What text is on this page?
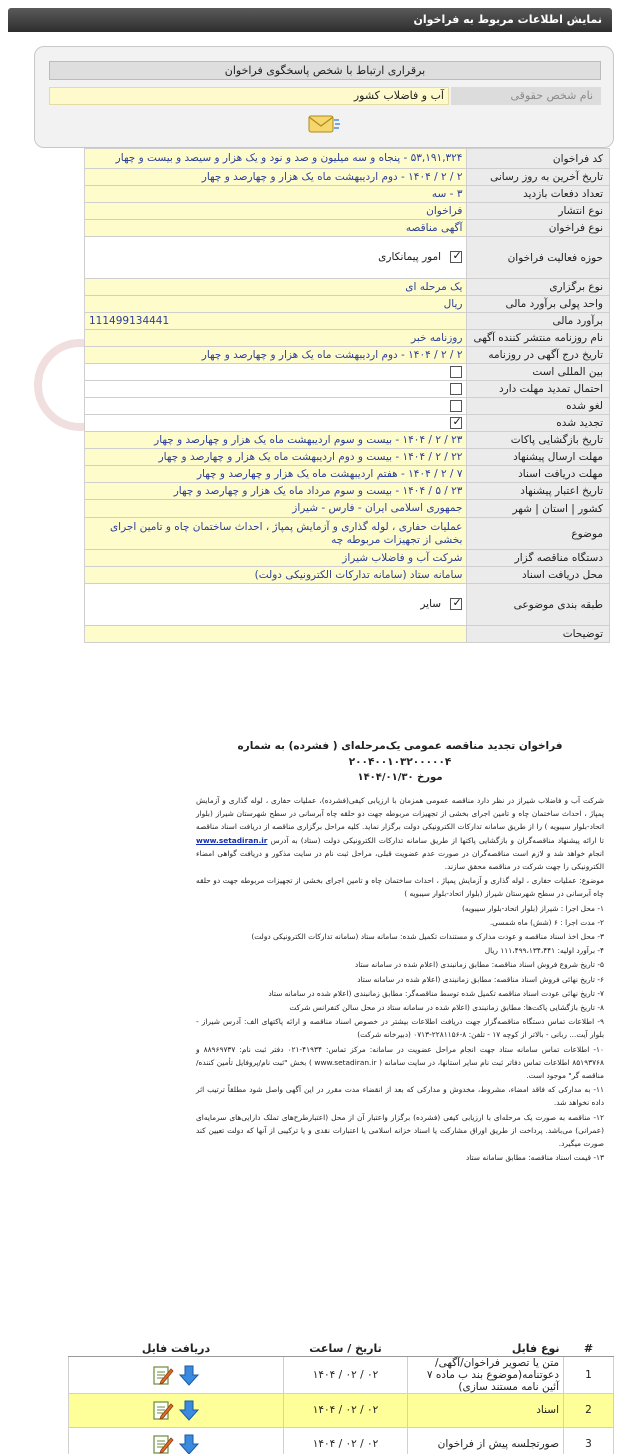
نمایش اطلاعات مربوط به فراخوان
برقراری ارتباط با شخص پاسخگوی فراخوان
نام شخص حقوقی
آب و فاضلاب کشور
کد فراخوان	۵۳,۱۹۱,۳۲۴ - پنجاه و سه میلیون و صد و نود و یک هزار و سیصد و بیست و چهار
تاریخ آخرین به روز رسانی	۲ / ۲ / ۱۴۰۴ - دوم اردیبهشت ماه یک هزار و چهارصد و چهار
تعداد دفعات بازدید	۳ - سه
نوع انتشار	فراخوان
نوع فراخوان	آگهی مناقصه
حوزه فعالیت فراخوان	✓ امور پیمانکاری
نوع برگزاری	یک مرحله ای
واحد پولی برآورد مالی	ریال
برآورد مالی	111499134441
نام روزنامه منتشر کننده آگهی	روزنامه خبر
تاریخ درج آگهی در روزنامه	۲ / ۲ / ۱۴۰۴ - دوم اردیبهشت ماه یک هزار و چهارصد و چهار
بین المللی است	
احتمال تمدید مهلت دارد	
لغو شده	
تجدید شده	✓
تاریخ بازگشایی پاکات	۲۳ / ۲ / ۱۴۰۴ - بیست و سوم اردیبهشت ماه یک هزار و چهارصد و چهار
مهلت ارسال پیشنهاد	۲۲ / ۲ / ۱۴۰۴ - بیست و دوم اردیبهشت ماه یک هزار و چهارصد و چهار
مهلت دریافت اسناد	۷ / ۲ / ۱۴۰۴ - هفتم اردیبهشت ماه یک هزار و چهارصد و چهار
تاریخ اعتبار پیشنهاد	۲۳ / ۵ / ۱۴۰۴ - بیست و سوم مرداد ماه یک هزار و چهارصد و چهار
کشور | استان | شهر	جمهوری اسلامی ایران - فارس - شیراز
موضوع	عملیات حفاری ، لوله گذاری و آزمایش پمپاژ ، احداث ساختمان چاه و تامین اجرای بخشی از تجهیزات مربوطه چه
دستگاه مناقصه گزار	شرکت آب و فاضلاب شیراز
محل دریافت اسناد	سامانه ستاد (سامانه تدارکات الکترونیکی دولت)
طبقه بندی موضوعی	✓ سایر
توضیحات	
فراخوان تجدید مناقصه عمومی یک‌مرحله‌ای ( فشرده) به شماره ۲۰۰۴۰۰۱۰۳۲۰۰۰۰۰۴
مورخ ۱۴۰۴/۰۱/۳۰

شرکت آب و فاضلاب شیراز در نظر دارد مناقصه عمومی همزمان با ارزیابی کیفی(فشرده)، عملیات حفاری ، لوله گذاری و آزمایش پمپاژ ، احداث ساختمان چاه و تامین اجرای بخشی از تجهیزات مربوطه جهت دو حلقه چاه آبرسانی در سطح شهرستان شیراز (بلوار اتحاد-بلوار سیبویه ) را از طریق سامانه تدارکات الکترونیکی دولت برگزار نماید. کلیه مراحل برگزاری مناقصه از دریافت اسناد مناقصه تا ارائه پیشنهاد مناقصه‌گران و بازگشایی پاکتها از طریق سامانه تدارکات الکترونیکی دولت (ستاد) به آدرس www.setadiran.ir انجام خواهد شد و لازم است مناقصه‌گران در صورت عدم عضویت قبلی، مراحل ثبت نام در سایت مذکور و دریافت گواهی امضاء الکترونیکی را جهت شرکت در مناقصه محقق سازند.

موضوع: عملیات حفاری ، لوله گذاری و آزمایش پمپاژ ، احداث ساختمان چاه و تامین اجرای بخشی از تجهیزات مربوطه جهت دو حلقه چاه آبرسانی در سطح شهرستان شیراز (بلوار اتحاد-بلوار سیبویه )

۱- محل اجرا : شیراز (بلوار اتحاد-بلوار سیبویه)

۲- مدت اجرا : ۶ (شش) ماه شمسی.

۳- محل اخذ اسناد مناقصه و عودت مدارک و مستندات تکمیل شده: سامانه ستاد (سامانه تدارکات الکترونیکی دولت)

۴- برآورد اولیه: ۱۱۱،۴۹۹،۱۳۴،۴۴۱ ریال

۵- تاریخ شروع فروش اسناد مناقصه: مطابق زمانبندی (اعلام شده در سامانه ستاد

۶- تاریخ نهائی فروش اسناد مناقصه: مطابق زمانبندی (اعلام شده در سامانه ستاد

۷- تاریخ نهائی عودت اسناد مناقصه تکمیل شده توسط مناقصه‌گر: مطابق زمانبندی (اعلام شده در سامانه ستاد

۸- تاریخ بازگشایی پاکت‌ها: مطابق زمانبندی (اعلام شده در سامانه ستاد در محل سالن کنفرانس شرکت

۹- اطلاعات تماس دستگاه مناقصه‌گزار جهت دریافت اطلاعات بیشتر در خصوص اسناد مناقصه و ارائه پاکتهای الف: آدرس شیراز - بلوار آیت... ربانی - بالاتر از کوچه ۱۷ - تلفن: ۸-۲۲۸۱۱۵۶-۰۷۱۳ (دبیرخانه شرکت)

۱۰- اطلاعات تماس سامانه ستاد جهت انجام مراحل عضویت در سامانه: مرکز تماس: ۴۱۹۳۴-۰۲۱ دفتر ثبت نام: ۸۸۹۶۹۷۳۷ و ۸۵۱۹۳۷۶۸ اطلاعات تماس دفاتر ثبت نام سایر استانها، در سایت سامانه ( www.setadiran.ir ) بخش "ثبت نام/پروفایل تأمین کننده/مناقصه گر" موجود است.

۱۱- به مدارکی که فاقد امضاء، مشروط، مخدوش و مدارکی که بعد از انقضاء مدت مقرر در این آگهی واصل شود مطلقاً ترتیب اثر داده نخواهد شد.

۱۲- مناقصه به صورت یک مرحله‌ای با ارزیابی کیفی (فشرده) برگزار واعتبار آن از محل (اعتبارطرح‌های تملک دارایی‌های سرمایه‌ای (عمرانی) می‌باشد. پرداخت از طریق اوراق مشارکت یا اسناد خزانه اسلامی یا اعتبارات نقدی و یا ترکیبی از آنها که دولت تعیین کند صورت میگیرد.

۱۳- قیمت اسناد مناقصه: مطابق سامانه ستاد

#	نوع فایل	تاریخ / ساعت	دریافت فایل
1	متن یا تصویر فراخوان/آگهی/دعوتنامه(موضوع بند ب ماده ۷ آئین نامه مستند سازی)	۰۲ / ۰۲ / ۱۴۰۴	

2	اسناد	۰۲ / ۰۲ / ۱۴۰۴	

3	صورتجلسه پیش از فراخوان	۰۲ / ۰۲ / ۱۴۰۴	
